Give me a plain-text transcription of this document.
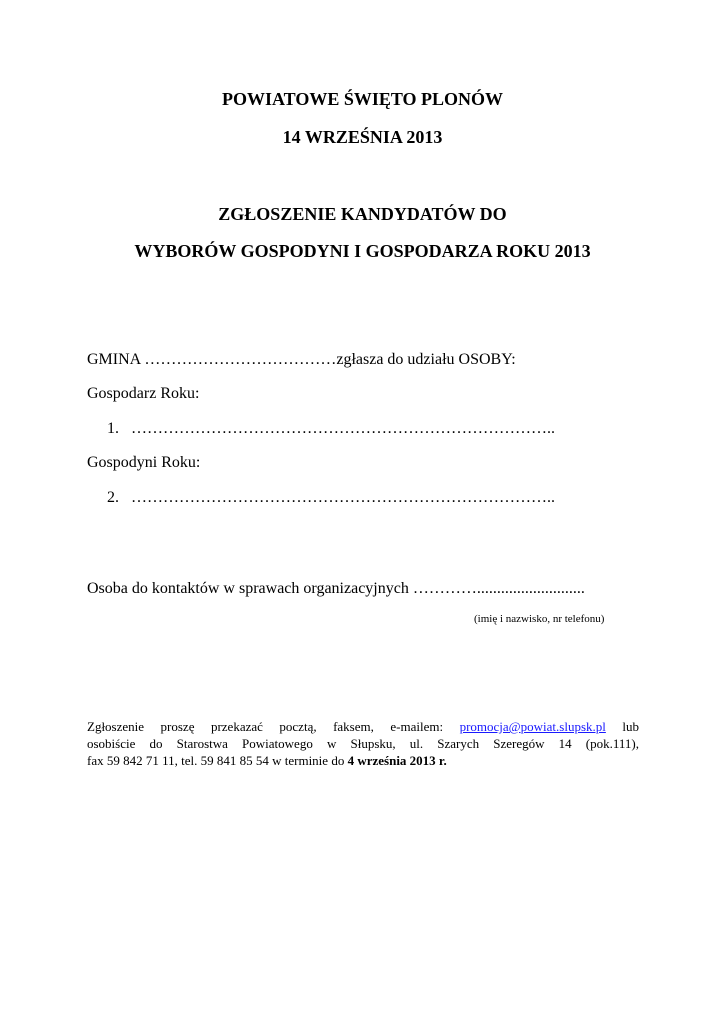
POWIATOWE ŚWIĘTO PLONÓW
14 WRZEŚNIA 2013
ZGŁOSZENIE KANDYDATÓW DO
WYBORÓW GOSPODYNI I GOSPODARZA ROKU 2013
GMINA ………………………………zgłasza do udziału OSOBY:
Gospodarz Roku:
1. ……………………………………………………………………..
Gospodyni Roku:
2. ……………………………………………………………………..
Osoba do kontaktów w sprawach organizacyjnych …………...........................
(imię i nazwisko, nr telefonu)
Zgłoszenie proszę przekazać pocztą, faksem, e-mailem: promocja@powiat.slupsk.pl lub
osobiście do Starostwa Powiatowego w Słupsku, ul. Szarych Szeregów 14 (pok.111),
fax 59 842 71 11, tel. 59 841 85 54 w terminie do 4 września 2013 r.
